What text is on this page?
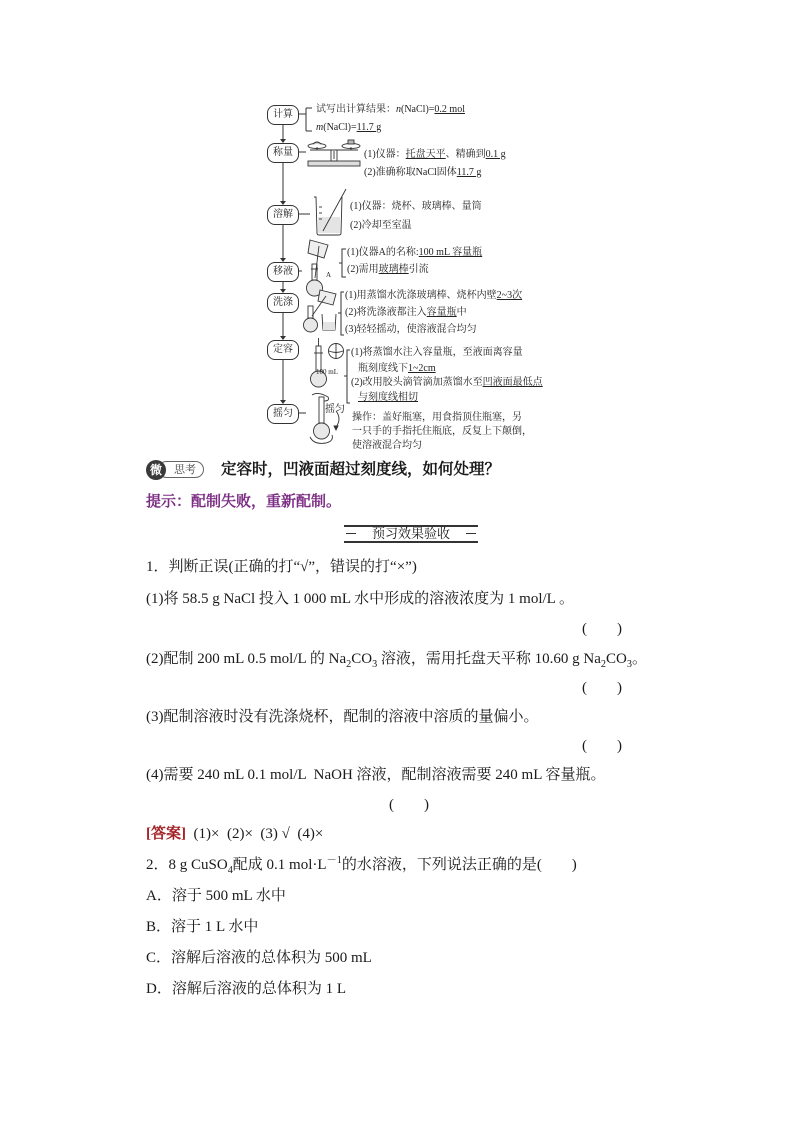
计算
称量
溶解
移液
洗涤
定容
摇匀
试写出计算结果：n(NaCl)=0.2 mol
m(NaCl)=11.7 g
(1)仪器：托盘天平、精确到0.1 g
(2)准确称取NaCl固体11.7 g
(1)仪器：烧杯、玻璃棒、量筒
(2)冷却至室温
(1)仪器A的名称:100 mL 容量瓶
(2)需用玻璃棒引流
(1)用蒸馏水洗涤玻璃棒、烧杯内壁2~3次
(2)将洗涤液都注入容量瓶中
(3)轻轻摇动，使溶液混合均匀
(1)将蒸馏水注入容量瓶，至液面离容量
瓶刻度线下1~2cm
(2)改用胶头滴管滴加蒸馏水至凹液面最低点
与刻度线相切
操作：盖好瓶塞，用食指顶住瓶塞，另
一只手的手指托住瓶底，反复上下颠倒，
使溶液混合均匀
A
100 mL
摇匀
思考
微	定容时，凹液面超过刻度线，如何处理？
提示：配制失败，重新配制。
预习效果验收
1．判断正误(正确的打“√”，错误的打“×”)
(1)将 58.5 g NaCl 投入 1 000 mL 水中形成的溶液浓度为 1 mol/L 。
(　　)
(2)配制 200 mL 0.5 mol/L 的 $Na_2CO_3$ 溶液，需用托盘天平称 10.60 g $Na_2CO_3$。
(　　)
(3)配制溶液时没有洗涤烧杯，配制的溶液中溶质的量偏小。
(　　)
(4)需要 240 mL 0.1 mol/L  NaOH 溶液，配制溶液需要 240 mL 容量瓶。
(　　)
[答案]  (1)×  (2)×  (3) √  (4)×
2．8 g CuSO$_4$配成 0.1 $mol\cdot L^{-1}$的水溶液，下列说法正确的是(　　)
A．溶于 500 mL 水中
B．溶于 1 L 水中
C．溶解后溶液的总体积为 500 mL
D．溶解后溶液的总体积为 1 L
